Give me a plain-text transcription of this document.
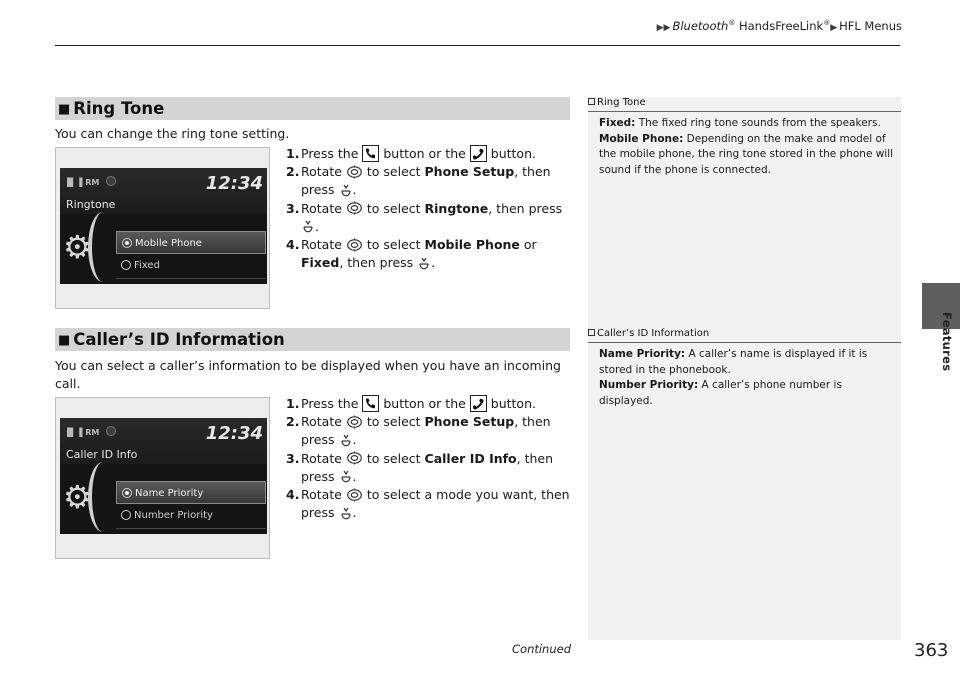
▶▶ Bluetooth® HandsFreeLink®▶ HFL Menus
Features
■ Ring Tone
You can change the ring tone setting.
1. Press the  button or the  button.
2. Rotate  to select Phone Setup, then press .
3. Rotate  to select Ringtone, then press .
4. Rotate  to select Mobile Phone or Fixed, then press .
▐▌▐ RM	12:34
Ringtone
⚙	Mobile Phone
Fixed
Ring Tone
Fixed: The fixed ring tone sounds from the speakers.
Mobile Phone: Depending on the make and model of the mobile phone, the ring tone stored in the phone will sound if the phone is connected.
■ Caller’s ID Information
You can select a caller’s information to be displayed when you have an incoming call.
1. Press the  button or the  button.
2. Rotate  to select Phone Setup, then press .
3. Rotate  to select Caller ID Info, then press .
4. Rotate  to select a mode you want, then press .
▐▌▐ RM	12:34
Caller ID Info
⚙	Name Priority
Number Priority
Caller’s ID Information
Name Priority: A caller’s name is displayed if it is stored in the phonebook.
Number Priority: A caller’s phone number is displayed.
Continued	363
